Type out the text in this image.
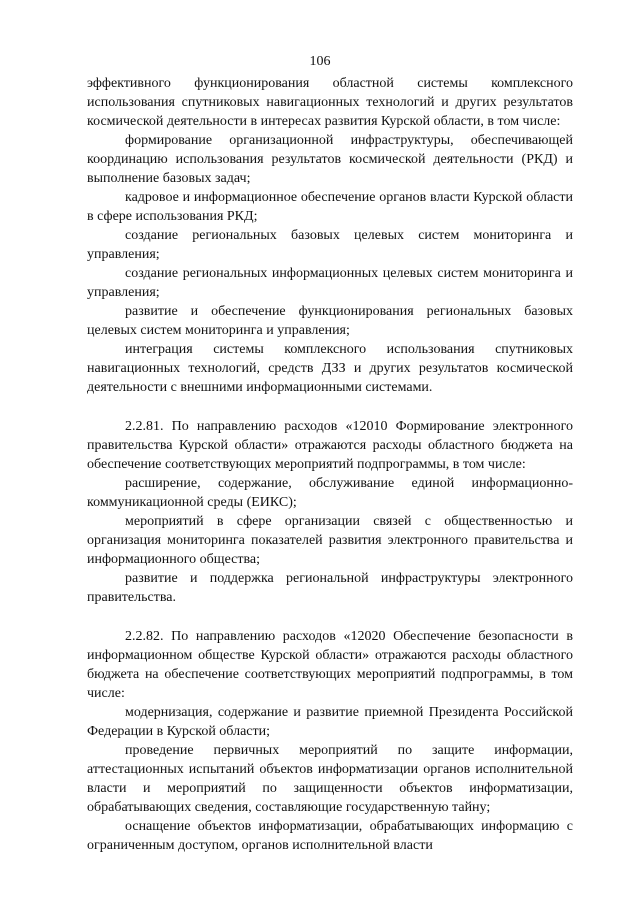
106

эффективного функционирования областной системы комплексного использования спутниковых навигационных технологий и других результатов космической деятельности в интересах развития Курской области, в том числе:

формирование организационной инфраструктуры, обеспечивающей координацию использования результатов космической деятельности (РКД) и выполнение базовых задач;

кадровое и информационное обеспечение органов власти Курской области в сфере использования РКД;

создание региональных базовых целевых систем мониторинга и управления;

создание региональных информационных целевых систем мониторинга и управления;

развитие и обеспечение функционирования региональных базовых целевых систем мониторинга и управления;

интеграция системы комплексного использования спутниковых навигационных технологий, средств ДЗЗ и других результатов космической деятельности с внешними информационными системами.

2.2.81. По направлению расходов «12010 Формирование электронного правительства Курской области» отражаются расходы областного бюджета на обеспечение соответствующих мероприятий подпрограммы, в том числе:

расширение, содержание, обслуживание единой информационно-коммуникационной среды (ЕИКС);

мероприятий в сфере организации связей с общественностью и организация мониторинга показателей развития электронного правительства и информационного общества;

развитие и поддержка региональной инфраструктуры электронного правительства.

2.2.82. По направлению расходов «12020 Обеспечение безопасности в информационном обществе Курской области» отражаются расходы областного бюджета на обеспечение соответствующих мероприятий подпрограммы, в том числе:

модернизация, содержание и развитие приемной Президента Российской Федерации в Курской области;

проведение первичных мероприятий по защите информации, аттестационных испытаний объектов информатизации органов исполнительной власти и мероприятий по защищенности объектов информатизации, обрабатывающих сведения, составляющие государственную тайну;

оснащение объектов информатизации, обрабатывающих информацию с ограниченным доступом, органов исполнительной власти
